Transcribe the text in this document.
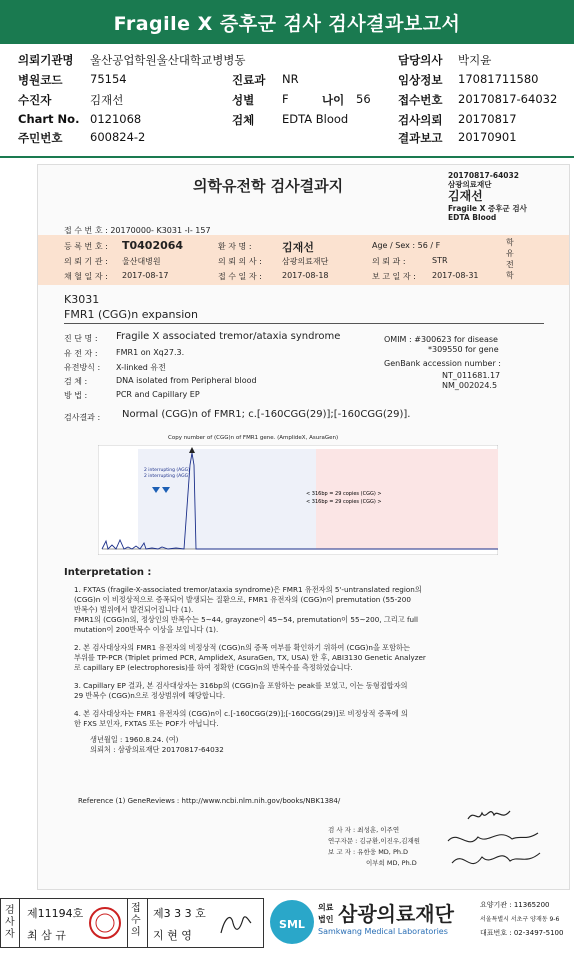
Fragile X 증후군 검사 검사결과보고서
의뢰기관명 울산공업학원울산대학교병병동	담당의사 박지윤
병원코드 75154	진료과 NR	임상정보 17081711580
수진자	김재선	성별 F	나이 56 접수번호 20170817-64032
Chart No. 0121068	검체 EDTA Blood	검사의뢰 20170817
주민번호 600824-2	결과보고 20170901
의학유전학 검사결과지
20170817-64032
삼광의료재단
김재선
Fragile X 증후군 검사
EDTA Blood
접 수 번 호 : 20170000- K3031 -I- 157
등 록 번 호 : T0402064	환 자 명 :	김재선	Age / Sex : 56 / F
의 뢰 기 관 : 울산대병원	의 뢰 의 사 :	삼광의료재단	의 뢰 과 :	STR
채 혈 일 자 : 2017-08-17	접 수 일 자 :	2017-08-18	보 고 일 자 : 2017-08-31
학유전학
K3031
FMR1 (CGG)n expansion
진 단 명 : Fragile X associated tremor/ataxia syndrome	OMIM : #300623 for disease
*309550 for gene
유 전 자 : FMR1 on Xq27.3.
GenBank accession number :
유전방식 : X-linked 유전
NT_011681.17
검 체 :	DNA isolated from Peripheral blood
NM_002024.5
방 법 :	PCR and Capillary EP
검사결과 : Normal (CGG)n of FMR1; c.[-160CGG(29)];[-160CGG(29)].
Copy number of (CGG)n of FMR1 gene. (AmplideX, AsuraGen)
2 interrupting (AGG)
2 interrupting (AGG)
< 316bp = 29 copies (CGG) >
< 316bp = 29 copies (CGG) >
Interpretation :
1. FXTAS (fragile-X-associated tremor/ataxia syndrome)은 FMR1 유전자의 5'-untranslated region의
(CGG)n 이 비정상적으로 증폭되어 발생되는 질환으로, FMR1 유전자의 (CGG)n이 premutation (55-200
반복수) 범위에서 발견되어집니다 (1).
FMR1의 (CGG)n의, 정상인의 반복수는 5~44, grayzone이 45~54, premutation이 55~200, 그리고 full
mutation이 200반복수 이상을 보입니다 (1).
2. 본 검사대상자의 FMR1 유전자의 비정상적 (CGG)n의 증폭 여부를 확인하기 위하여 (CGG)n을 포함하는
부위를 TP-PCR (Triplet primed PCR, AmplideX, AsuraGen, TX, USA) 한 후, ABI3130 Genetic Analyzer
로 capillary EP (electrophoresis)를 하여 정확한 (CGG)n의 반복수를 측정하였습니다.
3. Capillary EP 결과, 본 검사대상자는 316bp의 (CGG)n을 포함하는 peak를 보였고, 이는 동형접합자의
29 반복수 (CGG)n으로 정상범위에 해당합니다.
4. 본 검사대상자는 FMR1 유전자의 (CGG)n이 c.[-160CGG(29)];[-160CGG(29)]로 비정상적 증폭에 의
한 FXS 보인자, FXTAS 또는 POF가 아닙니다.
생년월일 : 1960.8.24. (여)
의뢰처 : 삼광의료재단 20170817-64032
Reference (1) GeneReviews : http://www.ncbi.nlm.nih.gov/books/NBK1384/
검 사 자 : 최성훈, 이주연
연구자문 : 김규환,이진우,김재원
보 고 자 : 유한웅 MD, Ph.D
이부희 MD, Ph.D
검사자
제11194호
최 삼 규
접수의
제3 3 3 호
지 현 영
SML
의료
법인 삼광의료재단
Samkwang Medical Laboratories
요양기관 : 11365200
서울특별시 서초구 양재동 9-6
대표번호 : 02-3497-5100
